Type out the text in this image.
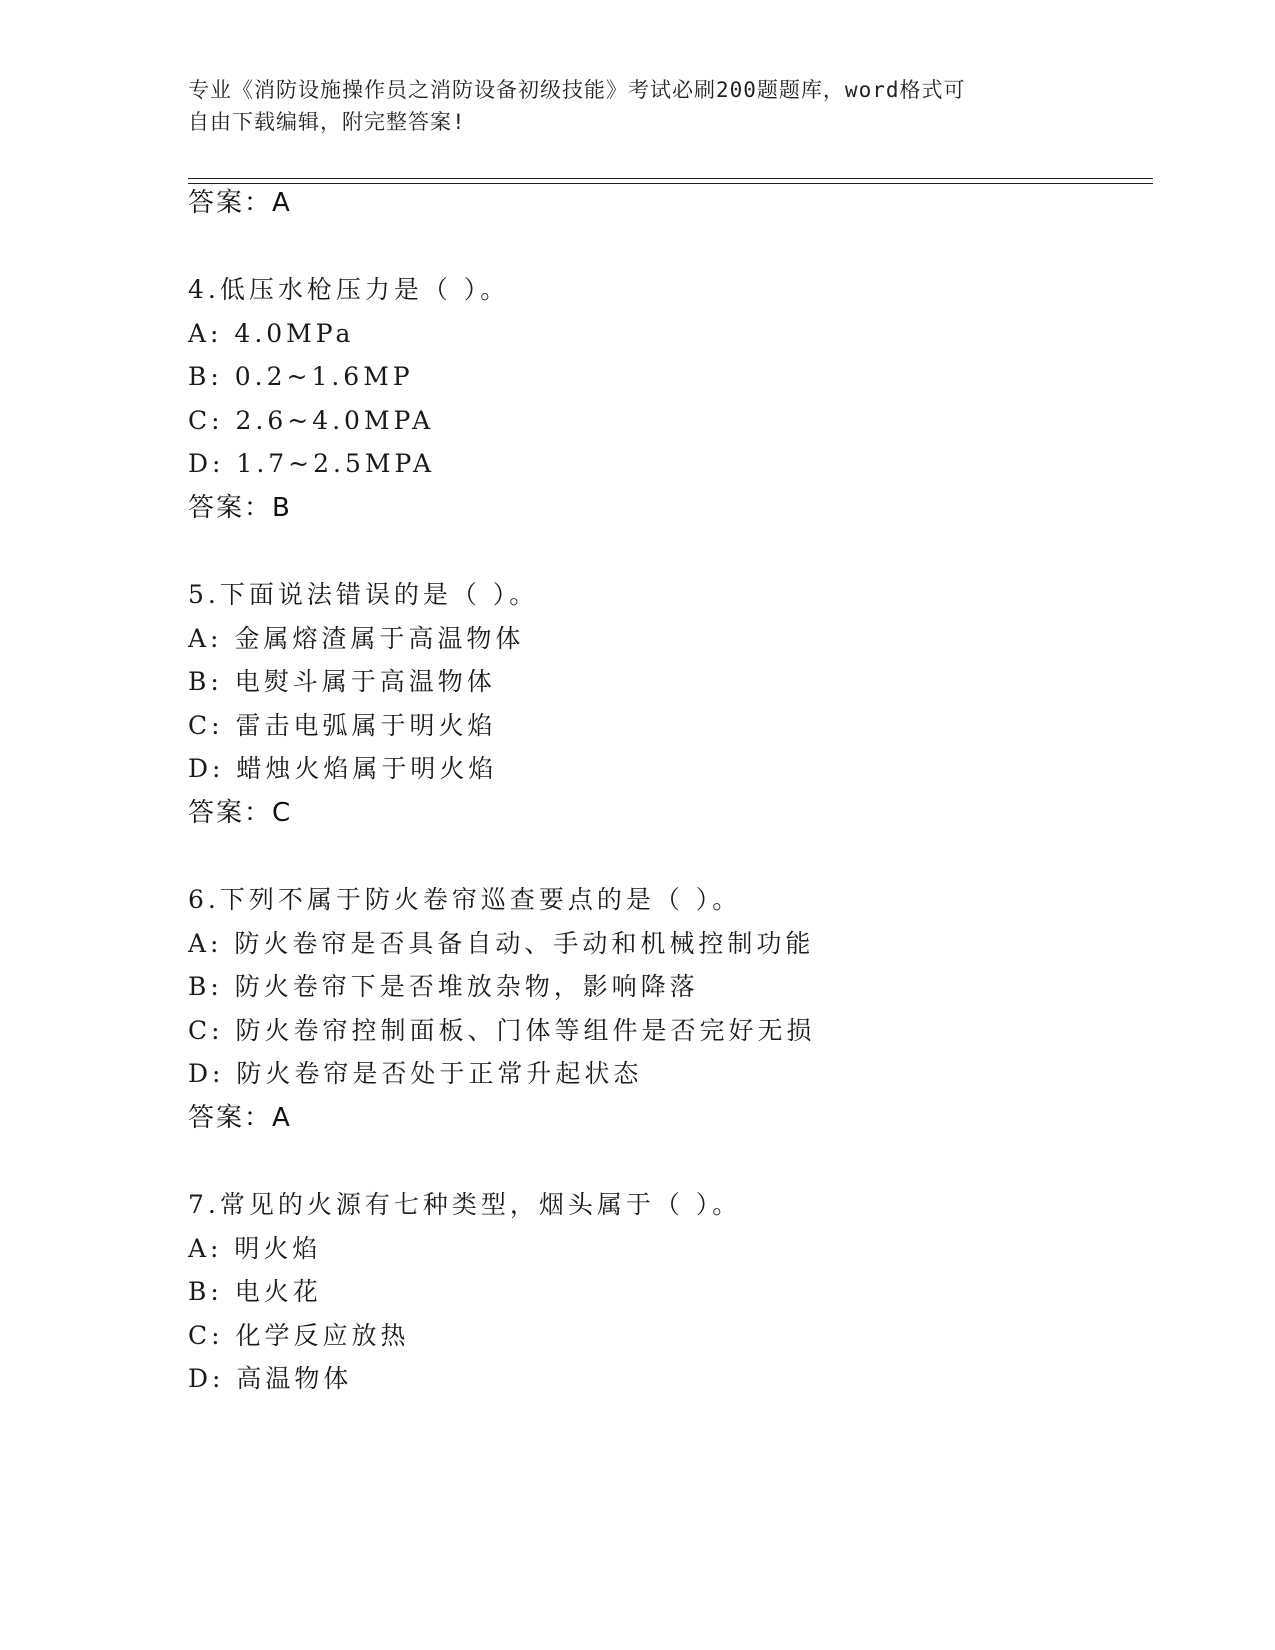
专业《消防设施操作员之消防设备初级技能》考试必刷200题题库，word格式可
自由下载编辑，附完整答案!
答案：A
4.低压水枪压力是（ ）。
A: 4.0MPa
B: 0.2~1.6MP
C: 2.6~4.0MPA
D: 1.7~2.5MPA
答案：B
5.下面说法错误的是（ ）。
A: 金属熔渣属于高温物体
B: 电熨斗属于高温物体
C: 雷击电弧属于明火焰
D: 蜡烛火焰属于明火焰
答案：C
6.下列不属于防火卷帘巡查要点的是（ ）。
A: 防火卷帘是否具备自动、手动和机械控制功能
B: 防火卷帘下是否堆放杂物，影响降落
C: 防火卷帘控制面板、门体等组件是否完好无损
D: 防火卷帘是否处于正常升起状态
答案：A
7.常见的火源有七种类型，烟头属于（ ）。
A: 明火焰
B: 电火花
C: 化学反应放热
D: 高温物体
